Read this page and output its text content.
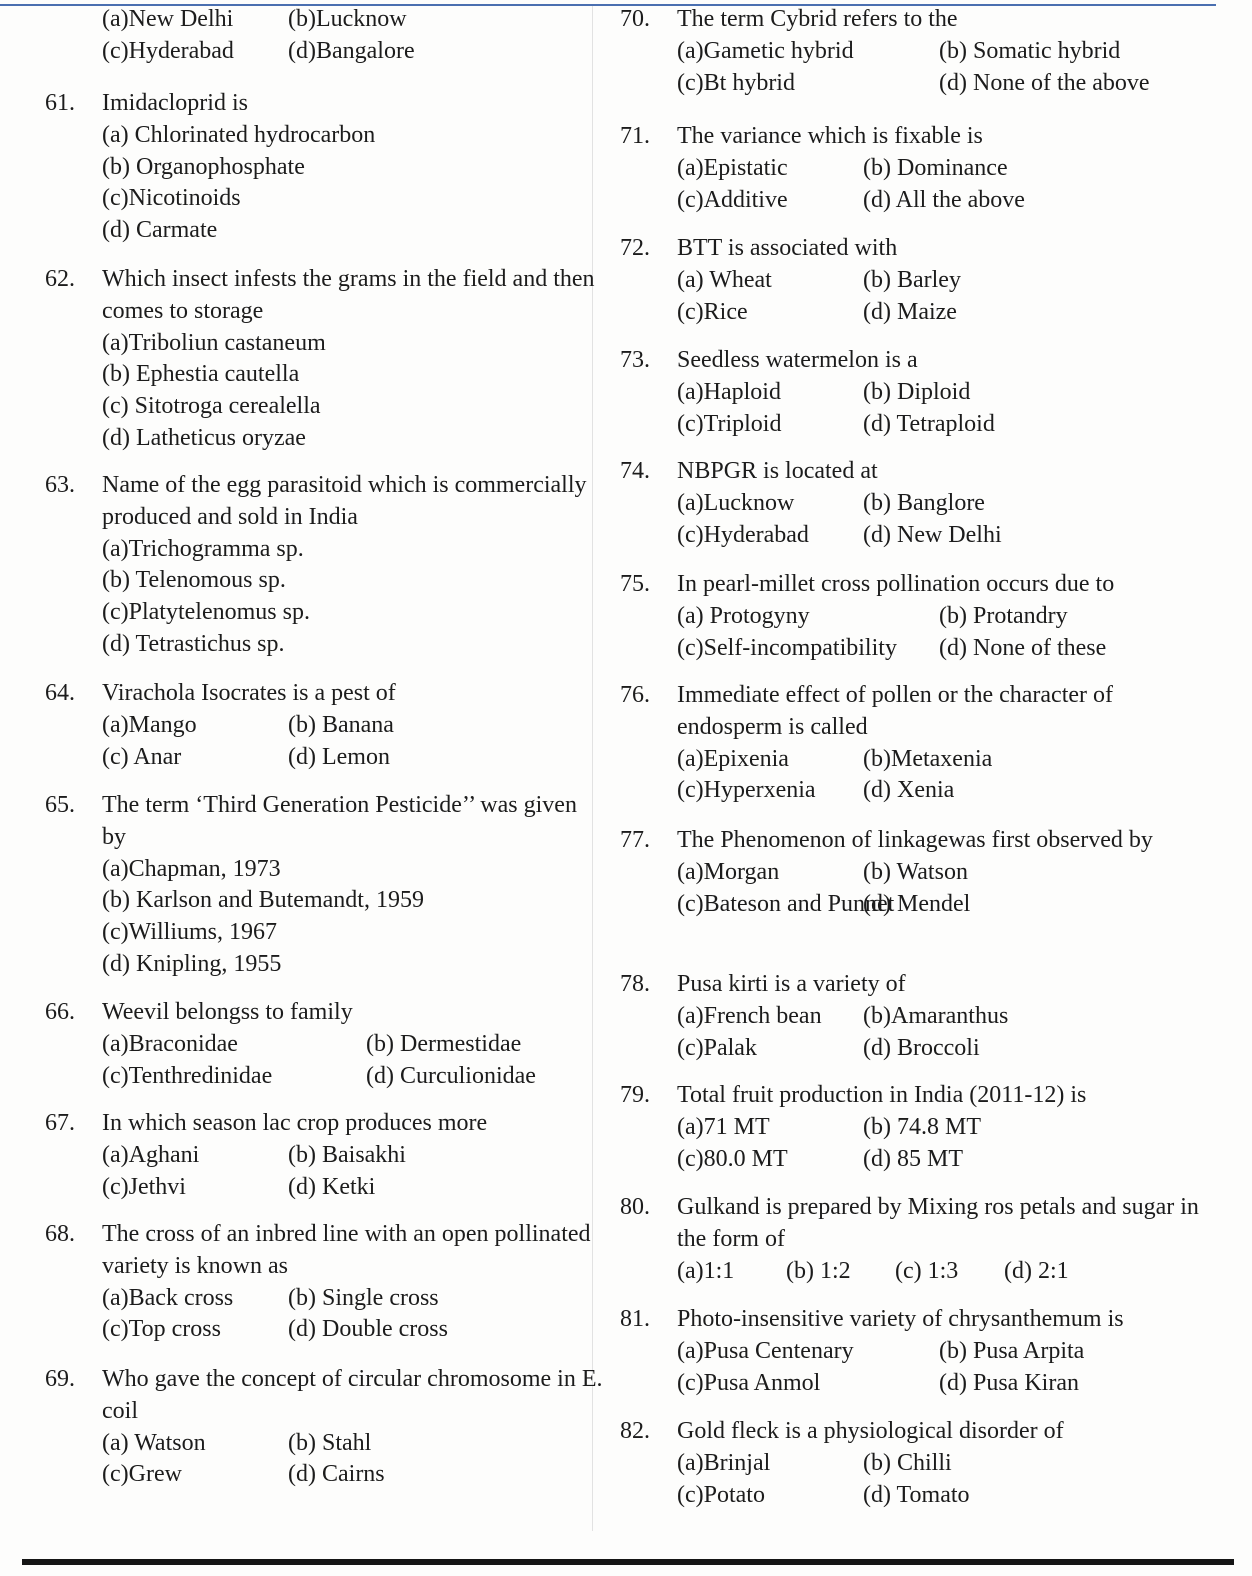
(a)New Delhi	(b)Lucknow
(c)Hyderabad	(d)Bangalore
61. Imidacloprid is
(a) Chlorinated hydrocarbon
(b) Organophosphate
(c)Nicotinoids
(d) Carmate
62. Which insect infests the grams in the field and then comes to storage
(a)Triboliun castaneum
(b) Ephestia cautella
(c) Sitotroga cerealella
(d) Latheticus oryzae
63. Name of the egg parasitoid which is commercially produced and sold in India
(a)Trichogramma sp.
(b) Telenomous sp.
(c)Platytelenomus sp.
(d) Tetrastichus sp.
64. Virachola Isocrates is a pest of
(a)Mango	(b) Banana
(c) Anar	(d) Lemon
65. The term ‘Third Generation Pesticide’’ was given by
(a)Chapman, 1973
(b) Karlson and Butemandt, 1959
(c)Williums, 1967
(d) Knipling, 1955
66. Weevil belongss to family
(a)Braconidae	(b) Dermestidae
(c)Tenthredinidae	(d) Curculionidae
67. In which season lac crop produces more
(a)Aghani	(b) Baisakhi
(c)Jethvi	(d) Ketki
68. The cross of an inbred line with an open pollinated variety is known as
(a)Back cross	(b) Single cross
(c)Top cross	(d) Double cross
69. Who gave the concept of circular chromosome in E. coil
(a) Watson	(b) Stahl
(c)Grew	(d) Cairns
70. The term Cybrid refers to the
(a)Gametic hybrid	(b) Somatic hybrid
(c)Bt hybrid	(d) None of the above
71. The variance which is fixable is
(a)Epistatic	(b) Dominance
(c)Additive	(d) All the above
72. BTT is associated with
(a) Wheat	(b) Barley
(c)Rice	(d) Maize
73. Seedless watermelon is a
(a)Haploid	(b) Diploid
(c)Triploid	(d) Tetraploid
74. NBPGR is located at
(a)Lucknow	(b) Banglore
(c)Hyderabad	(d) New Delhi
75. In pearl-millet cross pollination occurs due to
(a) Protogyny	(b) Protandry
(c)Self-incompatibility	(d) None of these
76. Immediate effect of pollen or the character of endosperm is called
(a)Epixenia	(b)Metaxenia
(c)Hyperxenia	(d) Xenia
77. The Phenomenon of linkagewas first observed by
(a)Morgan	(b) Watson
(c)Bateson and Punnet
(d) Mendel
78. Pusa kirti is a variety of
(a)French bean	(b)Amaranthus
(c)Palak	(d) Broccoli
79. Total fruit production in India (2011-12) is
(a)71 MT	(b) 74.8 MT
(c)80.0 MT	(d) 85 MT
80. Gulkand is prepared by Mixing ros petals and sugar in the form of
(a)1:1	(b) 1:2	(c) 1:3	(d) 2:1
81. Photo-insensitive variety of chrysanthemum is
(a)Pusa Centenary	(b) Pusa Arpita
(c)Pusa Anmol	(d) Pusa Kiran
82. Gold fleck is a physiological disorder of
(a)Brinjal	(b) Chilli
(c)Potato	(d) Tomato
